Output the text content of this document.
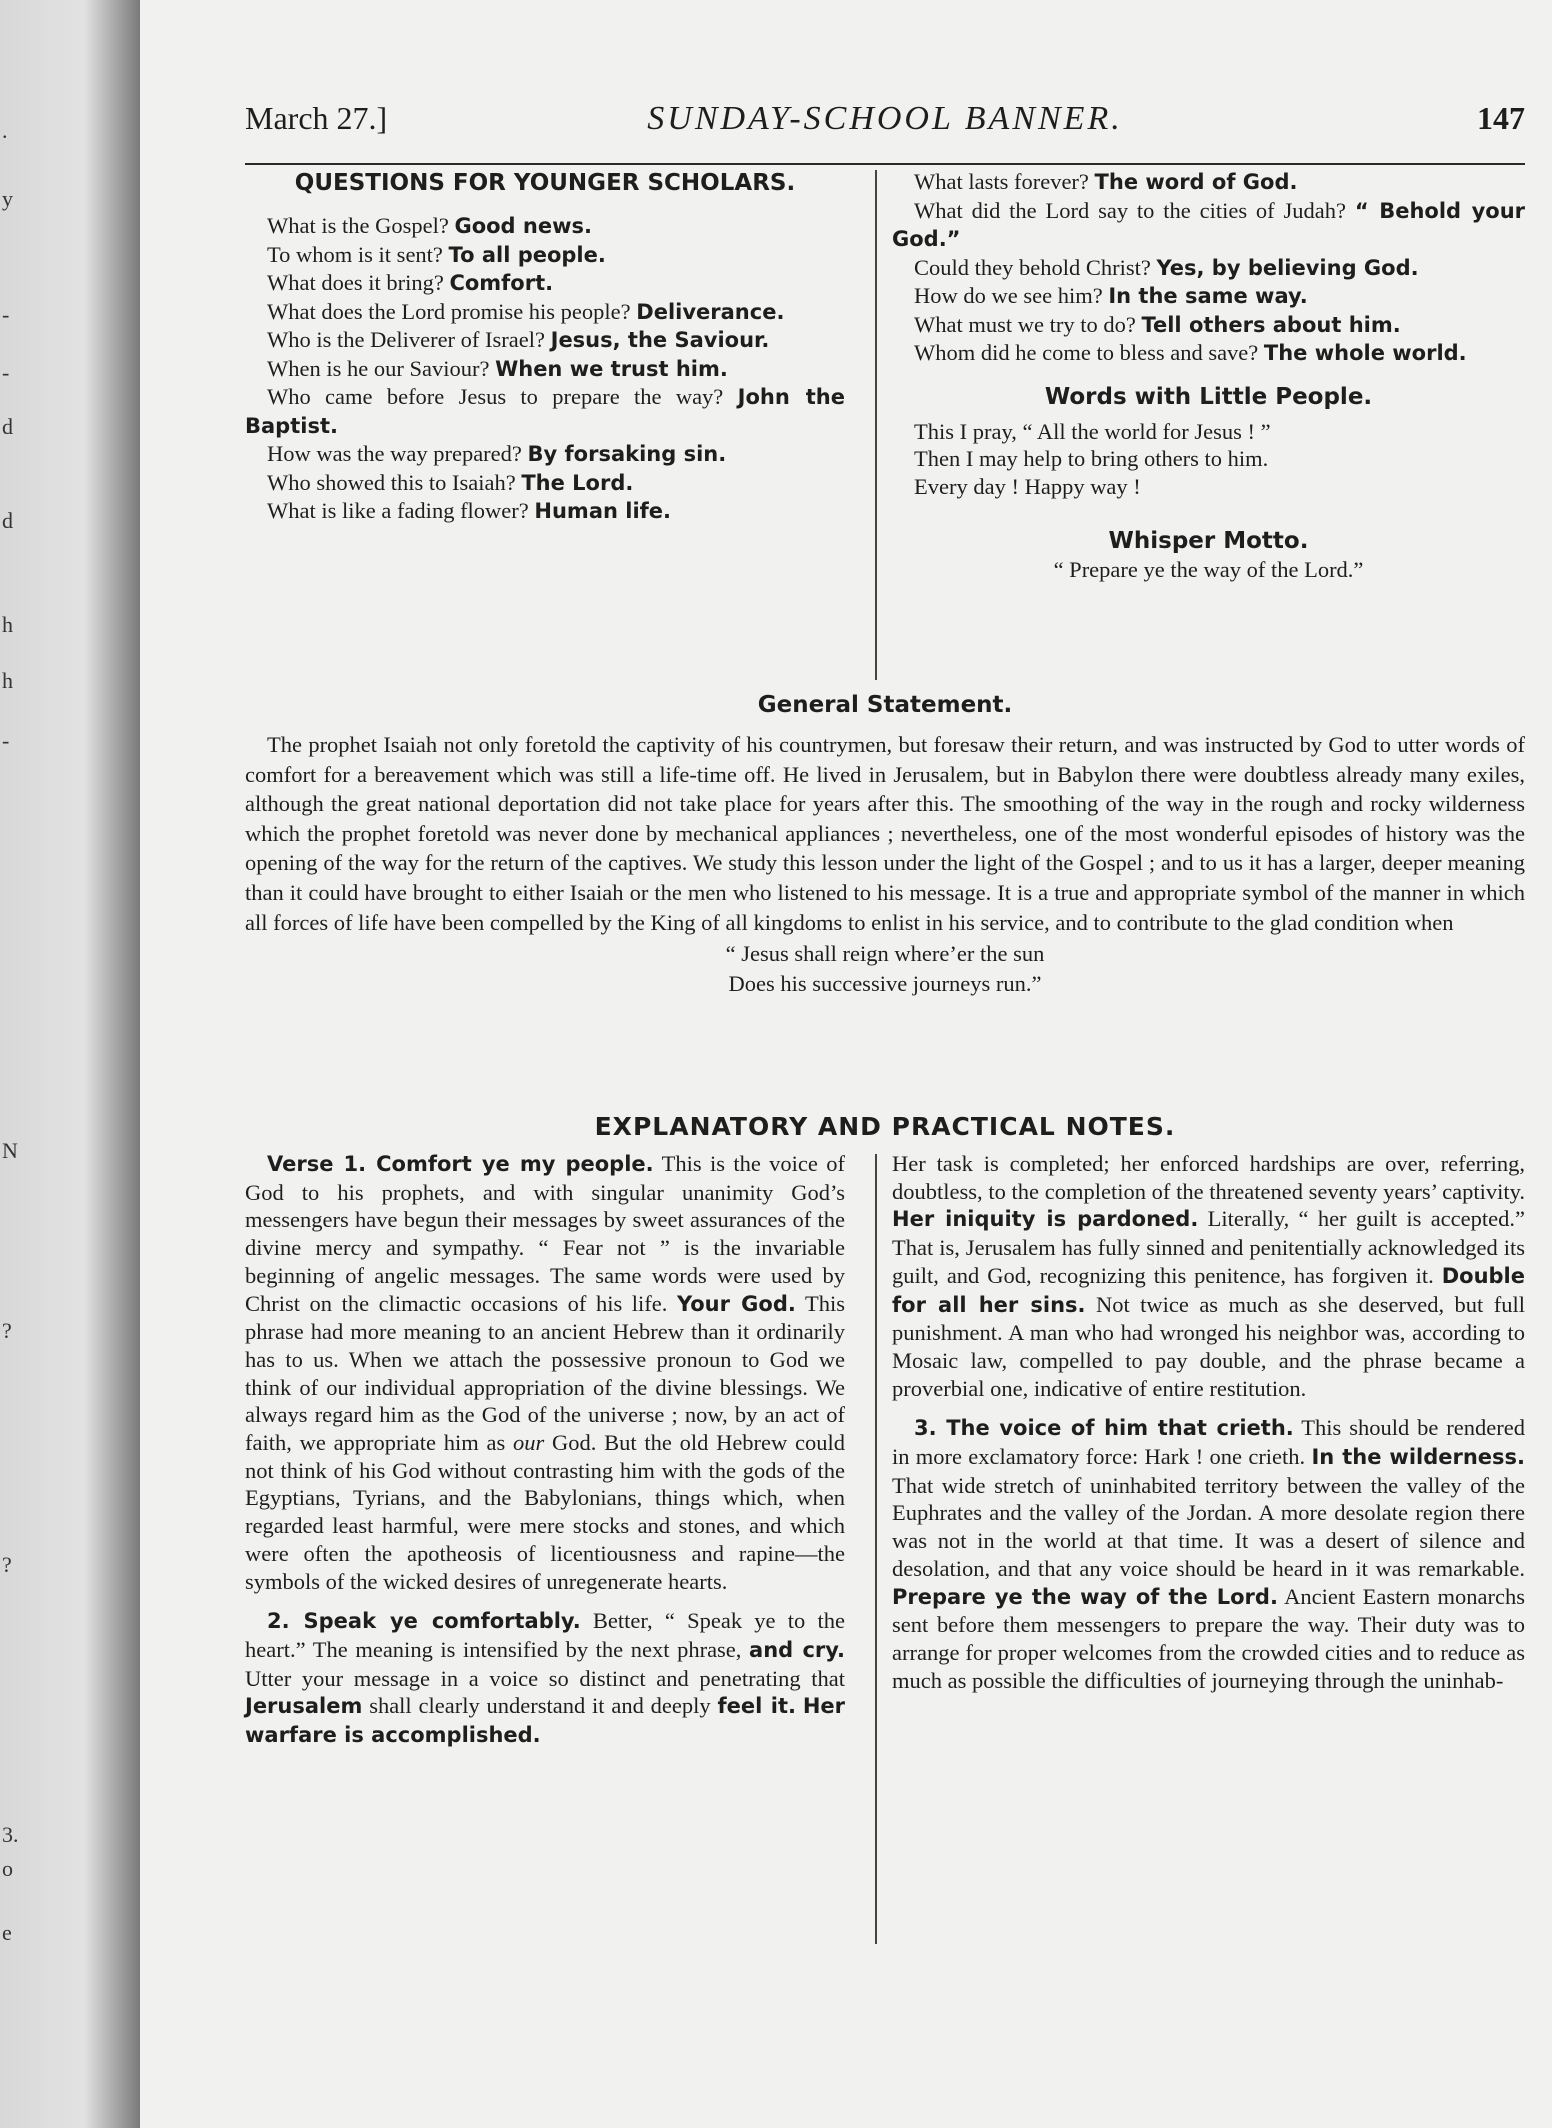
.
y
-
-
d
d
h
h
-
N
?
?
3.
o
e
March 27.]	SUNDAY-SCHOOL BANNER.	147
QUESTIONS FOR YOUNGER SCHOLARS.

What is the Gospel? Good news.

To whom is it sent? To all people.

What does it bring? Comfort.

What does the Lord promise his people? Deliverance.

Who is the Deliverer of Israel? Jesus, the Saviour.

When is he our Saviour? When we trust him.

Who came before Jesus to prepare the way? John the Baptist.

How was the way prepared? By forsaking sin.

Who showed this to Isaiah? The Lord.

What is like a fading flower? Human life.

What lasts forever? The word of God.

What did the Lord say to the cities of Judah? “ Behold your God.”

Could they behold Christ? Yes, by believing God.

How do we see him? In the same way.

What must we try to do? Tell others about him.

Whom did he come to bless and save? The whole world.

Words with Little People.

This I pray, “ All the world for Jesus ! ”

Then I may help to bring others to him.

Every day ! Happy way !

Whisper Motto.
“ Prepare ye the way of the Lord.”
General Statement.

The prophet Isaiah not only foretold the captivity of his countrymen, but foresaw their return, and was instructed by God to utter words of comfort for a bereavement which was still a life-time off. He lived in Jerusalem, but in Babylon there were doubtless already many exiles, although the great national deportation did not take place for years after this. The smoothing of the way in the rough and rocky wilderness which the prophet foretold was never done by mechanical appliances ; nevertheless, one of the most wonderful episodes of history was the opening of the way for the return of the captives. We study this lesson under the light of the Gospel ; and to us it has a larger, deeper meaning than it could have brought to either Isaiah or the men who listened to his message. It is a true and appropriate symbol of the manner in which all forces of life have been compelled by the King of all kingdoms to enlist in his service, and to contribute to the glad condition when

“ Jesus shall reign where’er the sun
Does his successive journeys run.”
EXPLANATORY AND PRACTICAL NOTES.

Verse 1. Comfort ye my people. This is the voice of God to his prophets, and with singular unanimity God’s messengers have begun their messages by sweet assurances of the divine mercy and sympathy. “ Fear not ” is the invariable beginning of angelic messages. The same words were used by Christ on the climactic occasions of his life. Your God. This phrase had more meaning to an ancient Hebrew than it ordinarily has to us. When we attach the possessive pronoun to God we think of our individual appropriation of the divine blessings. We always regard him as the God of the universe ; now, by an act of faith, we appropriate him as our God. But the old Hebrew could not think of his God without contrasting him with the gods of the Egyptians, Tyrians, and the Babylonians, things which, when regarded least harmful, were mere stocks and stones, and which were often the apotheosis of licentiousness and rapine—the symbols of the wicked desires of unregenerate hearts.

2. Speak ye comfortably. Better, “ Speak ye to the heart.” The meaning is intensified by the next phrase, and cry. Utter your message in a voice so distinct and penetrating that Jerusalem shall clearly understand it and deeply feel it. Her warfare is accomplished.

Her task is completed; her enforced hardships are over, referring, doubtless, to the completion of the threatened seventy years’ captivity. Her iniquity is pardoned. Literally, “ her guilt is accepted.” That is, Jerusalem has fully sinned and penitentially acknowledged its guilt, and God, recognizing this penitence, has forgiven it. Double for all her sins. Not twice as much as she deserved, but full punishment. A man who had wronged his neighbor was, according to Mosaic law, compelled to pay double, and the phrase became a proverbial one, indicative of entire restitution.

3. The voice of him that crieth. This should be rendered in more exclamatory force: Hark ! one crieth. In the wilderness. That wide stretch of uninhabited territory between the valley of the Euphrates and the valley of the Jordan. A more desolate region there was not in the world at that time. It was a desert of silence and desolation, and that any voice should be heard in it was remarkable. Prepare ye the way of the Lord. Ancient Eastern monarchs sent before them messengers to prepare the way. Their duty was to arrange for proper welcomes from the crowded cities and to reduce as much as possible the difficulties of journeying through the uninhab-
